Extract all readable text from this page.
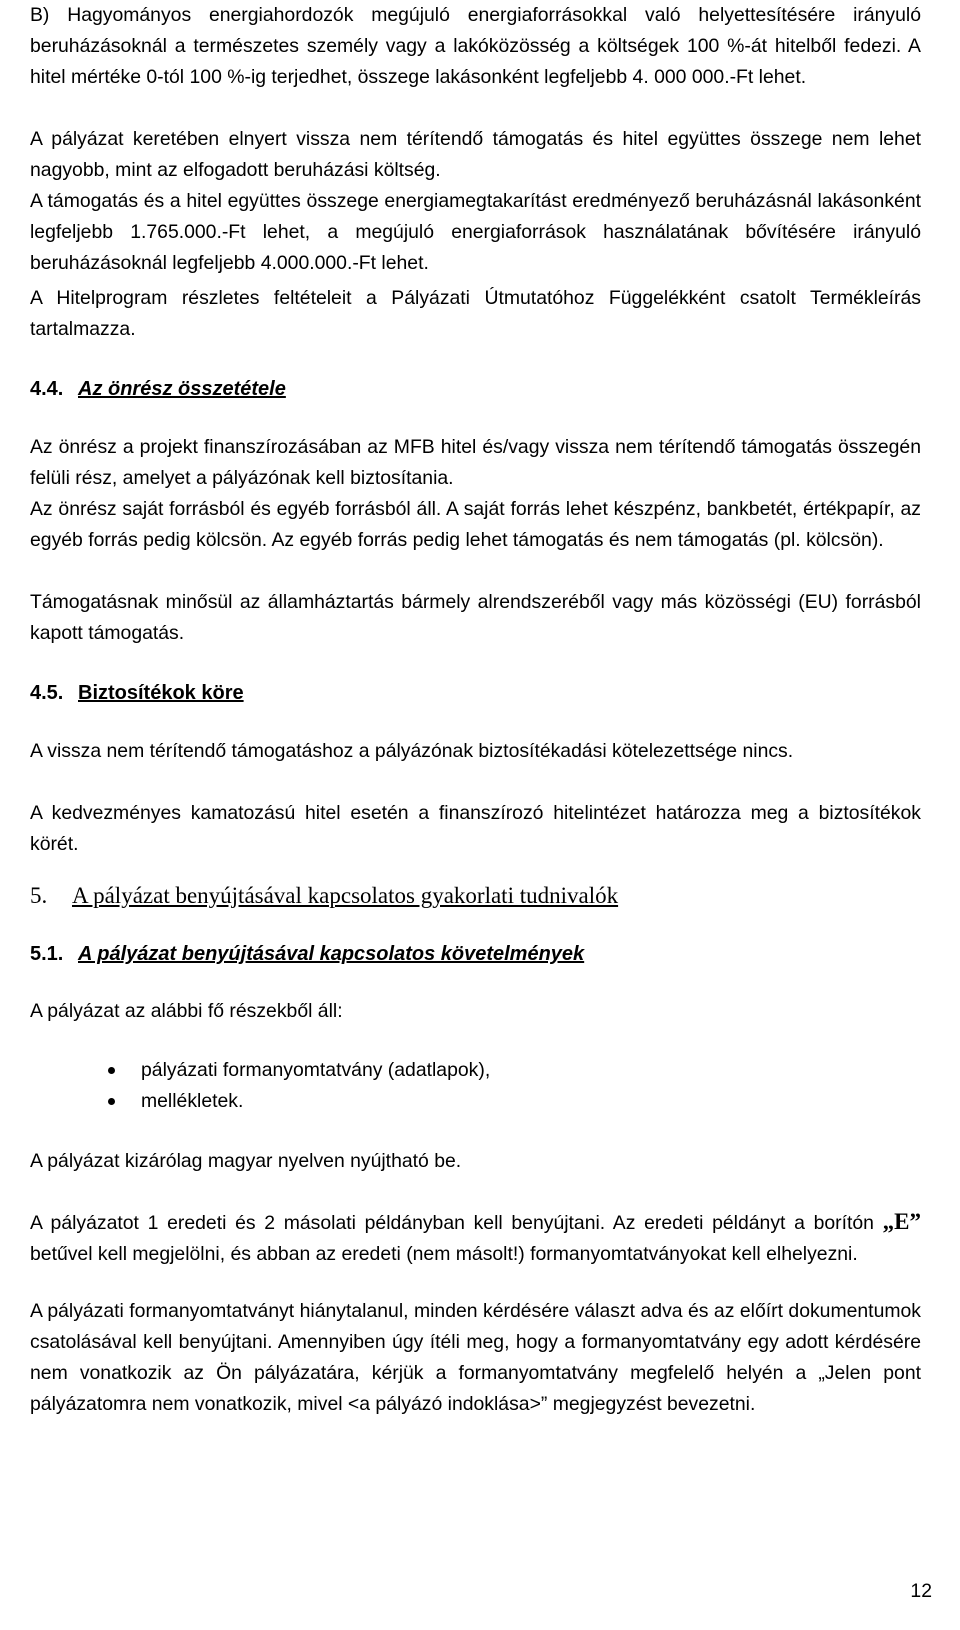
B) Hagyományos energiahordozók megújuló energiaforrásokkal való helyettesítésére irányuló beruházásoknál a természetes személy vagy a lakóközösség a költségek 100 %-át hitelből fedezi. A hitel mértéke 0-tól 100 %-ig terjedhet, összege lakásonként legfeljebb 4. 000 000.-Ft lehet.

A pályázat keretében elnyert vissza nem térítendő támogatás és hitel együttes összege nem lehet nagyobb, mint az elfogadott beruházási költség.

A támogatás és a hitel együttes összege energiamegtakarítást eredményező beruházásnál lakásonként legfeljebb 1.765.000.-Ft lehet, a megújuló energiaforrások használatának bővítésére irányuló beruházásoknál legfeljebb 4.000.000.-Ft lehet.

A Hitelprogram részletes feltételeit a Pályázati Útmutatóhoz Függelékként csatolt Termékleírás tartalmazza.

4.4. Az önrész összetétele

Az önrész a projekt finanszírozásában az MFB hitel és/vagy vissza nem térítendő támogatás összegén felüli rész, amelyet a pályázónak kell biztosítania.

Az önrész saját forrásból és egyéb forrásból áll. A saját forrás lehet készpénz, bankbetét, értékpapír, az egyéb forrás pedig kölcsön. Az egyéb forrás pedig lehet támogatás és nem támogatás (pl. kölcsön).

Támogatásnak minősül az államháztartás bármely alrendszeréből vagy más közösségi (EU) forrásból kapott támogatás.

4.5. Biztosítékok köre

A vissza nem térítendő támogatáshoz a pályázónak biztosítékadási kötelezettsége nincs.

A kedvezményes kamatozású hitel esetén a finanszírozó hitelintézet határozza meg a biztosítékok körét.

5.	A pályázat benyújtásával kapcsolatos gyakorlati tudnivalók
5.1. A pályázat benyújtásával kapcsolatos követelmények

A pályázat az alábbi fő részekből áll:

pályázati formanyomtatvány (adatlapok),
mellékletek.

A pályázat kizárólag magyar nyelven nyújtható be.

A pályázatot 1 eredeti és 2 másolati példányban kell benyújtani. Az eredeti példányt a borítón „E” betűvel kell megjelölni, és abban az eredeti (nem másolt!) formanyomtatványokat kell elhelyezni.

A pályázati formanyomtatványt hiánytalanul, minden kérdésére választ adva és az előírt dokumentumok csatolásával kell benyújtani. Amennyiben úgy ítéli meg, hogy a formanyomtatvány egy adott kérdésére nem vonatkozik az Ön pályázatára, kérjük a formanyomtatvány megfelelő helyén a „Jelen pont pályázatomra nem vonatkozik, mivel <a pályázó indoklása>” megjegyzést bevezetni.

12
